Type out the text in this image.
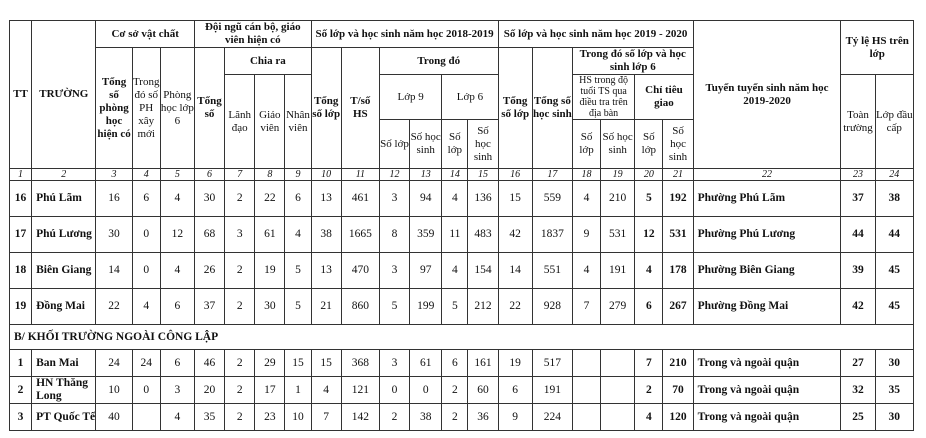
TT	TRƯỜNG	Cơ sở vật chất			Đội ngũ cán bộ, giáo viên hiện có				Số lớp và học sinh năm học 2018-2019						Số lớp và học sinh năm học 2019 - 2020						Tuyển tuyển sinh năm học 2019-2020	Tỷ lệ HS trên lớp	
		Tổng số phòng học hiện có	Trong đó số PH xây mới	Phòng học lớp 6	Tổng số	Chia ra			Tổng số lớp	T/số HS	Trong đó				Tổng số lớp	Tổng số học sinh	Trong đó số lớp và học sinh lớp 6						
						Lãnh đạo	Giáo viên	Nhân viên			Lớp 9		Lớp 6				HS trong độ tuổi TS qua điều tra trên địa bàn		Chỉ tiêu giao			Toàn trường	Lớp đầu cấp
											Số lớp	Số học sinh	Số lớp	Số học sinh			Số lớp	Số học sinh	Số lớp	Số học sinh			
1	2	3	4	5	6	7	8	9	10	11	12	13	14	15	16	17	18	19	20	21	22	23	24
16	Phú Lãm	16	6	4	30	2	22	6	13	461	3	94	4	136	15	559	4	210	5	192	Phường Phú Lãm	37	38
17	Phú Lương	30	0	12	68	3	61	4	38	1665	8	359	11	483	42	1837	9	531	12	531	Phường Phú Lương	44	44
18	Biên Giang	14	0	4	26	2	19	5	13	470	3	97	4	154	14	551	4	191	4	178	Phường Biên Giang	39	45
19	Đồng Mai	22	4	6	37	2	30	5	21	860	5	199	5	212	22	928	7	279	6	267	Phường Đồng Mai	42	45
B/ KHỐI TRƯỜNG NGOÀI CÔNG LẬP																							
1	Ban Mai	24	24	6	46	2	29	15	15	368	3	61	6	161	19	517			7	210	Trong và ngoài quận	27	30
2	HN Thăng Long	10	0	3	20	2	17	1	4	121	0	0	2	60	6	191			2	70	Trong và ngoài quận	32	35
3	PT Quốc Tế	40		4	35	2	23	10	7	142	2	38	2	36	9	224			4	120	Trong và ngoài quận	25	30
